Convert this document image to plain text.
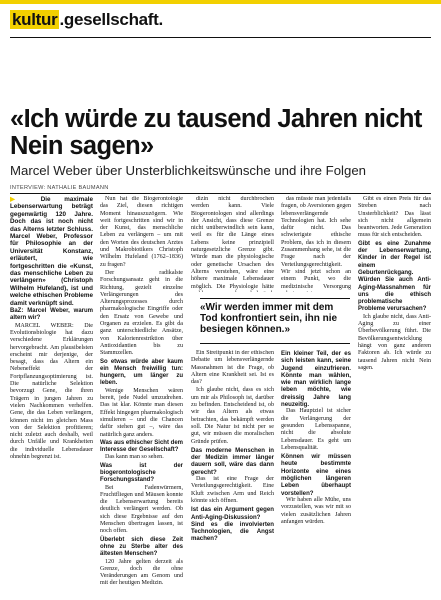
kultur .gesellschaft.
«Ich würde zu tausend Jahren nicht Nein sagen»

Marcel Weber über Unsterblichkeitswünsche und ihre Folgen

INTERVIEW: NATHALIE BAUMANN

▶ Die maximale Lebenserwartung beträgt gegenwärtig 120 Jahre. Doch das ist noch nicht das Alterns letzter Schluss. Marcel Weber, Professor für Philosophie an der Universität Konstanz, erläutert, wie fortgeschritten die «Kunst, das menschliche Leben zu verlängern» (Christoph Wilhelm Hufeland), ist und welche ethischen Probleme damit verknüpft sind.

BaZ: Marcel Weber, warum altern wir?

MARCEL WEBER: Die Evolutionsbiologie hat dazu verschiedene Erklärungen hervorgebracht. Am plausibelsten erscheint mir derjenige, der besagt, dass das Altern ein Nebeneffekt der Fortpflanzungsoptimierung ist. Die natürliche Selektion bevorzugt Gene, die ihren Trägern in jungen Jahren zu vielen Nachkommen verhelfen. Gene, die das Leben verlängern, können nicht im gleichen Mass von der Selektion profitieren; nicht zuletzt auch deshalb, weil durch Unfälle und Krankheiten die individuelle Lebensdauer ohnehin begrenzt ist.

Nun hat die Biogerontologie das Ziel, diesen richtigen Moment hinauszuzögern. Wie weit fortgeschritten sind wir in der Kunst, das menschliche Leben zu verlängern – um mit den Worten des deutschen Arztes und Makrobiotikers Christoph Wilhelm Hufeland (1762–1836) zu fragen?

Der radikalste Forschungsansatz geht in die Richtung, gezielt einzelne Verlängerungen des Alterungsprozesses durch pharmakologische Eingriffe oder den Ersatz von Gewebe und Organen zu erzielen. Es gibt da ganz unterschiedliche Ansätze, von Kalorienrestriktion über Antioxidantien bis zu Stammzellen.

So etwas würde aber kaum ein Mensch freiwillig tun: hungern, um länger zu leben.

Wenige Menschen wären bereit, jede Nudel umzudrehen. Das ist klar. Könnte man diesen Effekt hingegen pharmakologisch simulieren – und die Chancen dafür stehen gut –, wäre das natürlich ganz anders.

Was aus ethischer Sicht dem Interesse der Gesellschaft?

Das kann man so sehen.

Was ist der biogerontologische Forschungsstand?

Bei Fadenwürmern, Fruchtfliegen und Mäusen konnte die Lebenserwartung bereits deutlich verlängert werden. Ob sich diese Ergebnisse auf den Menschen übertragen lassen, ist noch offen.

Überlebt sich diese Zeit ohne zu Sterbe alter des ältesten Menschen?

120 Jahre gelten derzeit als Grenze, doch die ohne Veränderungen am Genom und mit der heutigen Medizin.

dizin nicht durchbrochen werden kann. Viele Biogerontologen sind allerdings der Ansicht, dass diese Grenze nicht unüberwindlich sein kann, weil es für die Länge eines Lebens keine prinzipiell naturgesetzliche Grenze gibt. Würde man die physiologische oder genetische Ursachen des Alterns verstehen, wäre eine höhere maximale Lebensdauer möglich. Die Physiologie hätte

«Wir werden immer mit dem Tod konfrontiert sein, ihn nie besiegen können.»

das müsste man jedenfalls fragen, ob Aversionen gegen lebensverlängernde Technologien hat. Ich sehe dafür nicht. Das schwierigste ethische Problem, das ich in diesem Zusammenhang sehe, ist die Frage nach der Verteilungsgerechtigkeit. Wir sind jetzt schon an einem Punkt, wo die medizinische Versorgung

Ein Streitpunkt in der ethischen Debatte um lebensverlängernde Massnahmen ist die Frage, ob Altern eine Krankheit sei. Ist es das?

Ich glaube nicht, dass es sich um mir als Philosoph ist, darüber zu befinden. Entscheidend ist, ob wir das Altern als etwas betrachten, das bekämpft werden soll. Die Natur ist nicht per se gut, wir müssen die moralischen Gründe prüfen.

Das moderne Menschen in der Medizin immer länger dauern soll, wäre das dann gerecht?

Das ist eine Frage der Verteilungsgerechtigkeit. Eine Kluft zwischen Arm und Reich könnte sich öffnen.

Ist das ein Argument gegen Anti-Aging-Diskussion? Sind es die involvierten Technologien, die Angst machen?

Ein kleiner Teil, der es sich leisten kann, seine Jugend einzufrieren. Könnte man wählen, wie man wirklich lange leben möchte, wie dreissig Jahre lang neuzeitig.

Das Hauptziel ist sicher die Verlängerung der gesunden Lebensspanne, nicht die absolute Lebensdauer. Es geht um Lebensqualität.

Können wir müssen heute bestimmte Horizonte eine eines möglichen längeren Leben überhaupt vorstellen?

Wir haben alle Mühe, uns vorzustellen, was wir mit so vielen zusätzlichen Jahren anfangen würden.

Gibt es einen Preis für das Streben nach Unsterblichkeit? Das lässt sich nicht allgemein beantworten. Jede Generation muss für sich entscheiden.

Gibt es eine Zunahme der Lebenserwartung, Kinder in der Regel ist einem Geburtenrückgang. Würden Sie auch Anti-Aging-Massnahmen für uns die ethisch problematische Probleme verursachen?

Ich glaube nicht, dass Anti-Aging zu einer Überbevölkerung führt. Die Bevölkerungsentwicklung hängt von ganz anderen Faktoren ab. Ich würde zu tausend Jahren nicht Nein sagen.
